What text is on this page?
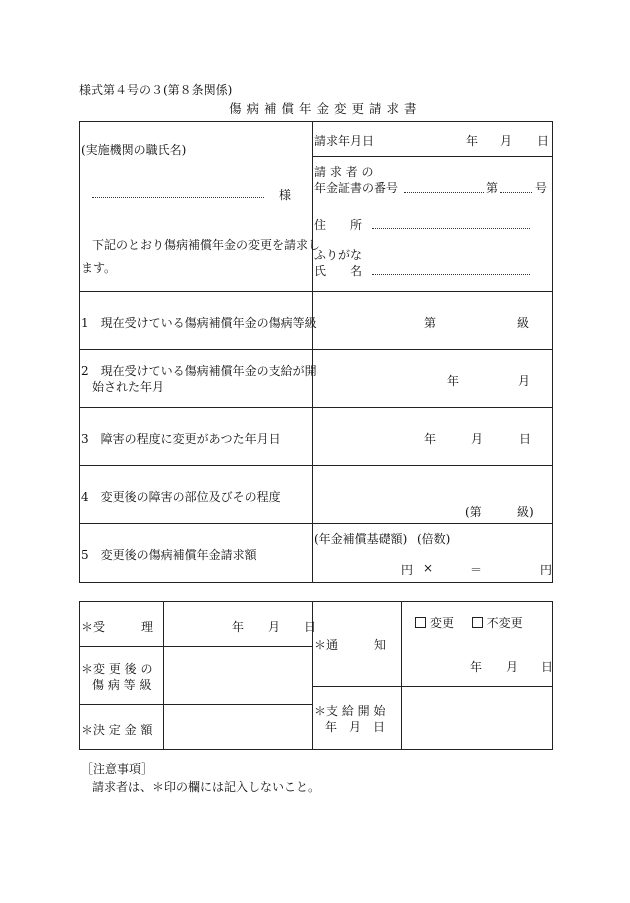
様式第４号の３(第８条関係)
傷病補償年金変更請求書
(実施機関の職氏名)
様
下記のとおり傷病補償年金の変更を請求し
ます。
請求年月日	年 月 日
請 求 者 の
年金証書の番号	第	号
住　　所
ふりがな
氏　　名
1　現在受けている傷病補償年金の傷病等級	第	級
2　現在受けている傷病補償年金の支給が開
始された年月	年	月
3　障害の程度に変更があつた年月日	年	月	日
4　変更後の障害の部位及びその程度
(第	級)
5　変更後の傷病補償年金請求額
(年金補償基礎額) (倍数)
円 ×	＝	円
＊受　　　理	年 月 日
＊変 更 後 の
傷 病 等 級
＊決 定 金 額
＊通　　　知
変更	不変更
年 月 日
＊支 給 開 始
年　月　日
［注意事項］
請求者は、＊印の欄には記入しないこと。
